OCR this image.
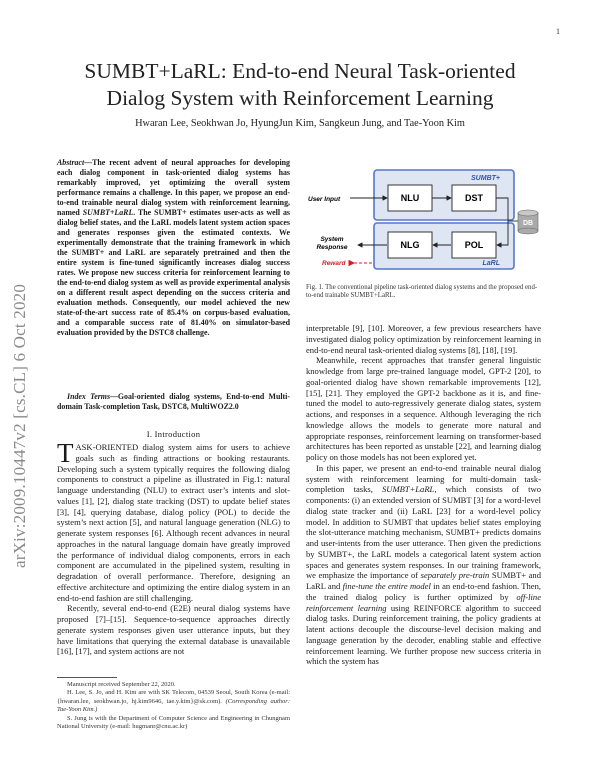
1
arXiv:2009.10447v2 [cs.CL] 6 Oct 2020
SUMBT+LaRL: End-to-end Neural Task-oriented
Dialog System with Reinforcement Learning
Hwaran Lee, Seokhwan Jo, HyungJun Kim, Sangkeun Jung, and Tae-Yoon Kim

Abstract—The recent advent of neural approaches for developing each dialog component in task-oriented dialog systems has remarkably improved, yet optimizing the overall system performance remains a challenge. In this paper, we propose an end-to-end trainable neural dialog system with reinforcement learning, named SUMBT+LaRL. The SUMBT+ estimates user-acts as well as dialog belief states, and the LaRL models latent system action spaces and generates responses given the estimated contexts. We experimentally demonstrate that the training framework in which the SUMBT+ and LaRL are separately pretrained and then the entire system is fine-tuned significantly increases dialog success rates. We propose new success criteria for reinforcement learning to the end-to-end dialog system as well as provide experimental analysis on a different result aspect depending on the success criteria and evaluation methods. Consequently, our model achieved the new state-of-the-art success rate of 85.4% on corpus-based evaluation, and a comparable success rate of 81.40% on simulator-based evaluation provided by the DSTC8 challenge.

Index Terms—Goal-oriented dialog systems, End-to-end Multi-domain Task-completion Task, DSTC8, MultiWOZ2.0

I. Introduction

TASK-ORIENTED dialog system aims for users to achieve goals such as finding attractions or booking restaurants. Developing such a system typically requires the following dialog components to construct a pipeline as illustrated in Fig.1: natural language understanding (NLU) to extract user’s intents and slot-values [1], [2], dialog state tracking (DST) to update belief states [3], [4], querying database, dialog policy (POL) to decide the system’s next action [5], and natural language generation (NLG) to generate system responses [6]. Although recent advances in neural approaches in the natural language domain have greatly improved the performance of individual dialog components, errors in each component are accumulated in the pipelined system, resulting in degradation of overall performance. Therefore, designing an effective architecture and optimizing the entire dialog system in an end-to-end fashion are still challenging.

Recently, several end-to-end (E2E) neural dialog systems have proposed [7]–[15]. Sequence-to-sequence approaches directly generate system responses given user utterance inputs, but they have limitations that querying the external database is unavailable [16], [17], and system actions are not

Manuscript received September 22, 2020.
H. Lee, S. Jo, and H. Kim are with SK Telecom, 04539 Seoul, South Korea (e-mail: {hwaran.lee, seokhwan.jo, hj.kim9646, tae.y.kim}@sk.com). (Corresponding author: Tae-Yoon Kim.)
S. Jung is with the Department of Computer Science and Engineering in Chungnam National University (e-mail: hugmanr@cnu.ac.kr)
SUMBT+
LaRL
NLU	DST
NLG	POL
User Input
System
Response
DB
Reward
Fig. 1. The conventional pipeline task-oriented dialog systems and the proposed end-to-end trainable SUMBT+LaRL.

interpretable [9], [10]. Moreover, a few previous researchers have investigated dialog policy optimization by reinforcement learning in end-to-end neural task-oriented dialog systems [8], [18], [19].

Meanwhile, recent approaches that transfer general linguistic knowledge from large pre-trained language model, GPT-2 [20], to goal-oriented dialog have shown remarkable improvements [12], [15], [21]. They employed the GPT-2 backbone as it is, and fine-tuned the model to auto-regressively generate dialog states, system actions, and responses in a sequence. Although leveraging the rich knowledge allows the models to generate more natural and appropriate responses, reinforcement learning on transformer-based architectures has been reported as unstable [22], and learning dialog policy on those models has not been explored yet.

In this paper, we present an end-to-end trainable neural dialog system with reinforcement learning for multi-domain task-completion tasks, SUMBT+LaRL, which consists of two components: (i) an extended version of SUMBT [3] for a word-level dialog state tracker and (ii) LaRL [23] for a word-level policy model. In addition to SUMBT that updates belief states employing the slot-utterance matching mechanism, SUMBT+ predicts domains and user-intents from the user utterance. Then given the predictions by SUMBT+, the LaRL models a categorical latent system action spaces and generates system responses. In our training framework, we emphasize the importance of separately pre-train SUMBT+ and LaRL and fine-tune the entire model in an end-to-end fashion. Then, the trained dialog policy is further optimized by off-line reinforcement learning using REINFORCE algorithm to succeed dialog tasks. During reinforcement training, the policy gradients at latent actions decouple the discourse-level decision making and language generation by the decoder, enabling stable and effective reinforcement learning. We further propose new success criteria in which the system has
